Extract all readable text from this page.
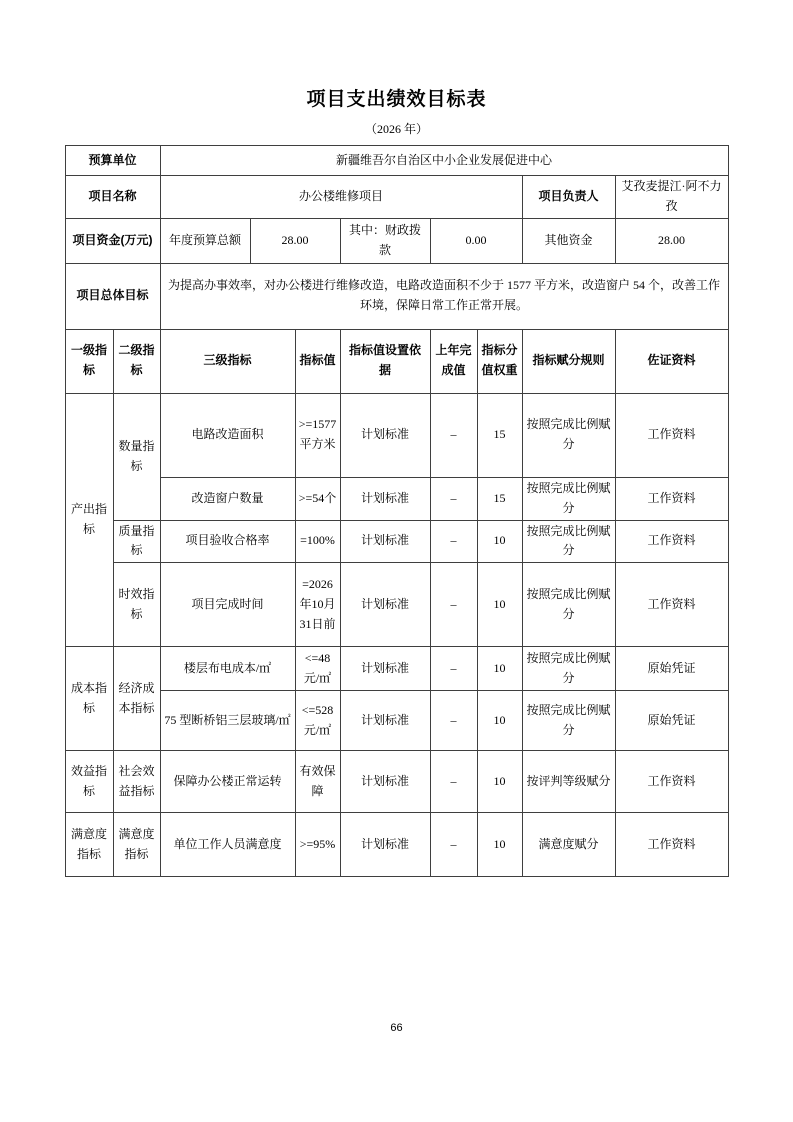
项目支出绩效目标表
（2026 年）
预算单位		新疆维吾尔自治区中小企业发展促进中心							
项目名称		办公楼维修项目						项目负责人	艾孜麦提江·阿不力孜
项目资金(万元)		年度预算总额	28.00		其中：财政拨款	0.00		其他资金	28.00
项目总体目标		为提高办事效率，对办公楼进行维修改造，电路改造面积不少于 1577 平方米，改造窗户 54 个，改善工作环境，保障日常工作正常开展。							
一级指标	二级指标	三级指标		指标值	指标值设置依据	上年完成值	指标分值权重	指标赋分规则	佐证资料
产出指标	数量指标	电路改造面积		>=1577平方米	计划标准	–	15	按照完成比例赋分	工作资料
		改造窗户数量		>=54个	计划标准	–	15	按照完成比例赋分	工作资料
	质量指标	项目验收合格率		=100%	计划标准	–	10	按照完成比例赋分	工作资料
	时效指标	项目完成时间		=2026年10月31日前	计划标准	–	10	按照完成比例赋分	工作资料
成本指标	经济成本指标	楼层布电成本/㎡		<=48元/㎡	计划标准	–	10	按照完成比例赋分	原始凭证
		75 型断桥铝三层玻璃/㎡		<=528元/㎡	计划标准	–	10	按照完成比例赋分	原始凭证
效益指标	社会效益指标	保障办公楼正常运转		有效保障	计划标准	–	10	按评判等级赋分	工作资料
满意度指标	满意度指标	单位工作人员满意度		>=95%	计划标准	–	10	满意度赋分	工作资料
66
